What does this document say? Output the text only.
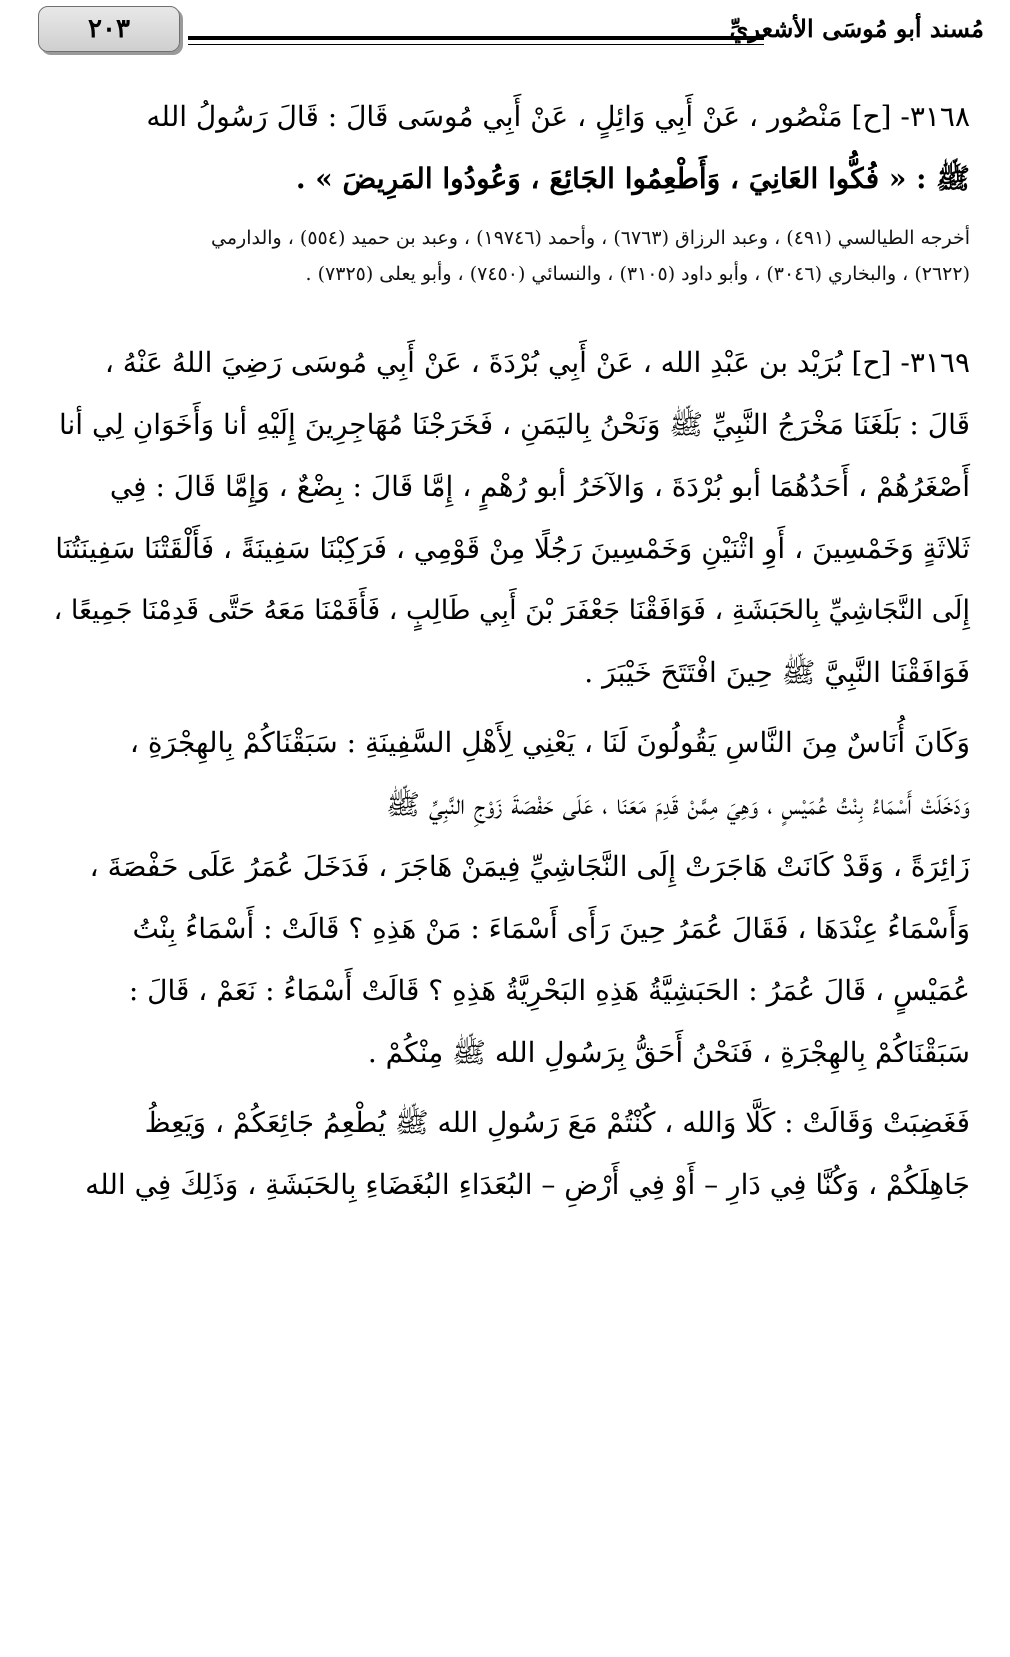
٢٠٣	مُسند أبو مُوسَى الأشعريِّ
٣١٦٨- [ح] مَنْصُور ، عَنْ أَبِي وَائِلٍ ، عَنْ أَبِي مُوسَى قَالَ : قَالَ رَسُولُ الله
ﷺ : « فُكُّوا العَانِيَ ، وَأَطْعِمُوا الجَائِعَ ، وَعُودُوا المَرِيضَ » .
أخرجه الطيالسي (٤٩١) ، وعبد الرزاق (٦٧٦٣) ، وأحمد (١٩٧٤٦) ، وعبد بن حميد (٥٥٤) ، والدارمي
(٢٦٢٢) ، والبخاري (٣٠٤٦) ، وأبو داود (٣١٠٥) ، والنسائي (٧٤٥٠) ، وأبو يعلى (٧٣٢٥) .
٣١٦٩- [ح] بُرَيْد بن عَبْدِ الله ، عَنْ أَبِي بُرْدَةَ ، عَنْ أَبِي مُوسَى رَضِيَ اللهُ عَنْهُ ،
قَالَ : بَلَغَنَا مَخْرَجُ النَّبِيِّ ﷺ وَنَحْنُ بِاليَمَنِ ، فَخَرَجْنَا مُهَاجِرِينَ إِلَيْهِ أنا وَأَخَوَانِ لِي أنا
أَصْغَرُهُمْ ، أَحَدُهُمَا أبو بُرْدَةَ ، وَالآخَرُ أبو رُهْمٍ ، إِمَّا قَالَ : بِضْعٌ ، وَإِمَّا قَالَ : فِي
ثَلاثَةٍ وَخَمْسِينَ ، أَوِ اثْنَيْنِ وَخَمْسِينَ رَجُلًا مِنْ قَوْمِي ، فَرَكِبْنَا سَفِينَةً ، فَأَلْقَتْنَا سَفِينَتُنَا
إِلَى النَّجَاشِيِّ بِالحَبَشَةِ ، فَوَافَقْنَا جَعْفَرَ بْنَ أَبِي طَالِبٍ ، فَأَقَمْنَا مَعَهُ حَتَّى قَدِمْنَا جَمِيعًا ،
فَوَافَقْنَا النَّبِيَّ ﷺ حِينَ افْتَتَحَ خَيْبَرَ .
وَكَانَ أُنَاسٌ مِنَ النَّاسِ يَقُولُونَ لَنَا ، يَعْنِي لِأَهْلِ السَّفِينَةِ : سَبَقْنَاكُمْ بِالهِجْرَةِ ،
وَدَخَلَتْ أَسْمَاءُ بِنْتُ عُمَيْسٍ ، وَهِيَ مِمَّنْ قَدِمَ مَعَنَا ، عَلَى حَفْصَةَ زَوْجِ النَّبِيِّ ﷺ
زَائِرَةً ، وَقَدْ كَانَتْ هَاجَرَتْ إِلَى النَّجَاشِيِّ فِيمَنْ هَاجَرَ ، فَدَخَلَ عُمَرُ عَلَى حَفْصَةَ ،
وَأَسْمَاءُ عِنْدَهَا ، فَقَالَ عُمَرُ حِينَ رَأَى أَسْمَاءَ : مَنْ هَذِهِ ؟ قَالَتْ : أَسْمَاءُ بِنْتُ
عُمَيْسٍ ، قَالَ عُمَرُ : الحَبَشِيَّةُ هَذِهِ البَحْرِيَّةُ هَذِهِ ؟ قَالَتْ أَسْمَاءُ : نَعَمْ ، قَالَ :
سَبَقْنَاكُمْ بِالهِجْرَةِ ، فَنَحْنُ أَحَقُّ بِرَسُولِ الله ﷺ مِنْكُمْ .
فَغَضِبَتْ وَقَالَتْ : كَلَّا وَالله ، كُنْتُمْ مَعَ رَسُولِ الله ﷺ يُطْعِمُ جَائِعَكُمْ ، وَيَعِظُ
جَاهِلَكُمْ ، وَكُنَّا فِي دَارِ – أَوْ فِي أَرْضِ – البُعَدَاءِ البُغَضَاءِ بِالحَبَشَةِ ، وَذَلِكَ فِي الله
